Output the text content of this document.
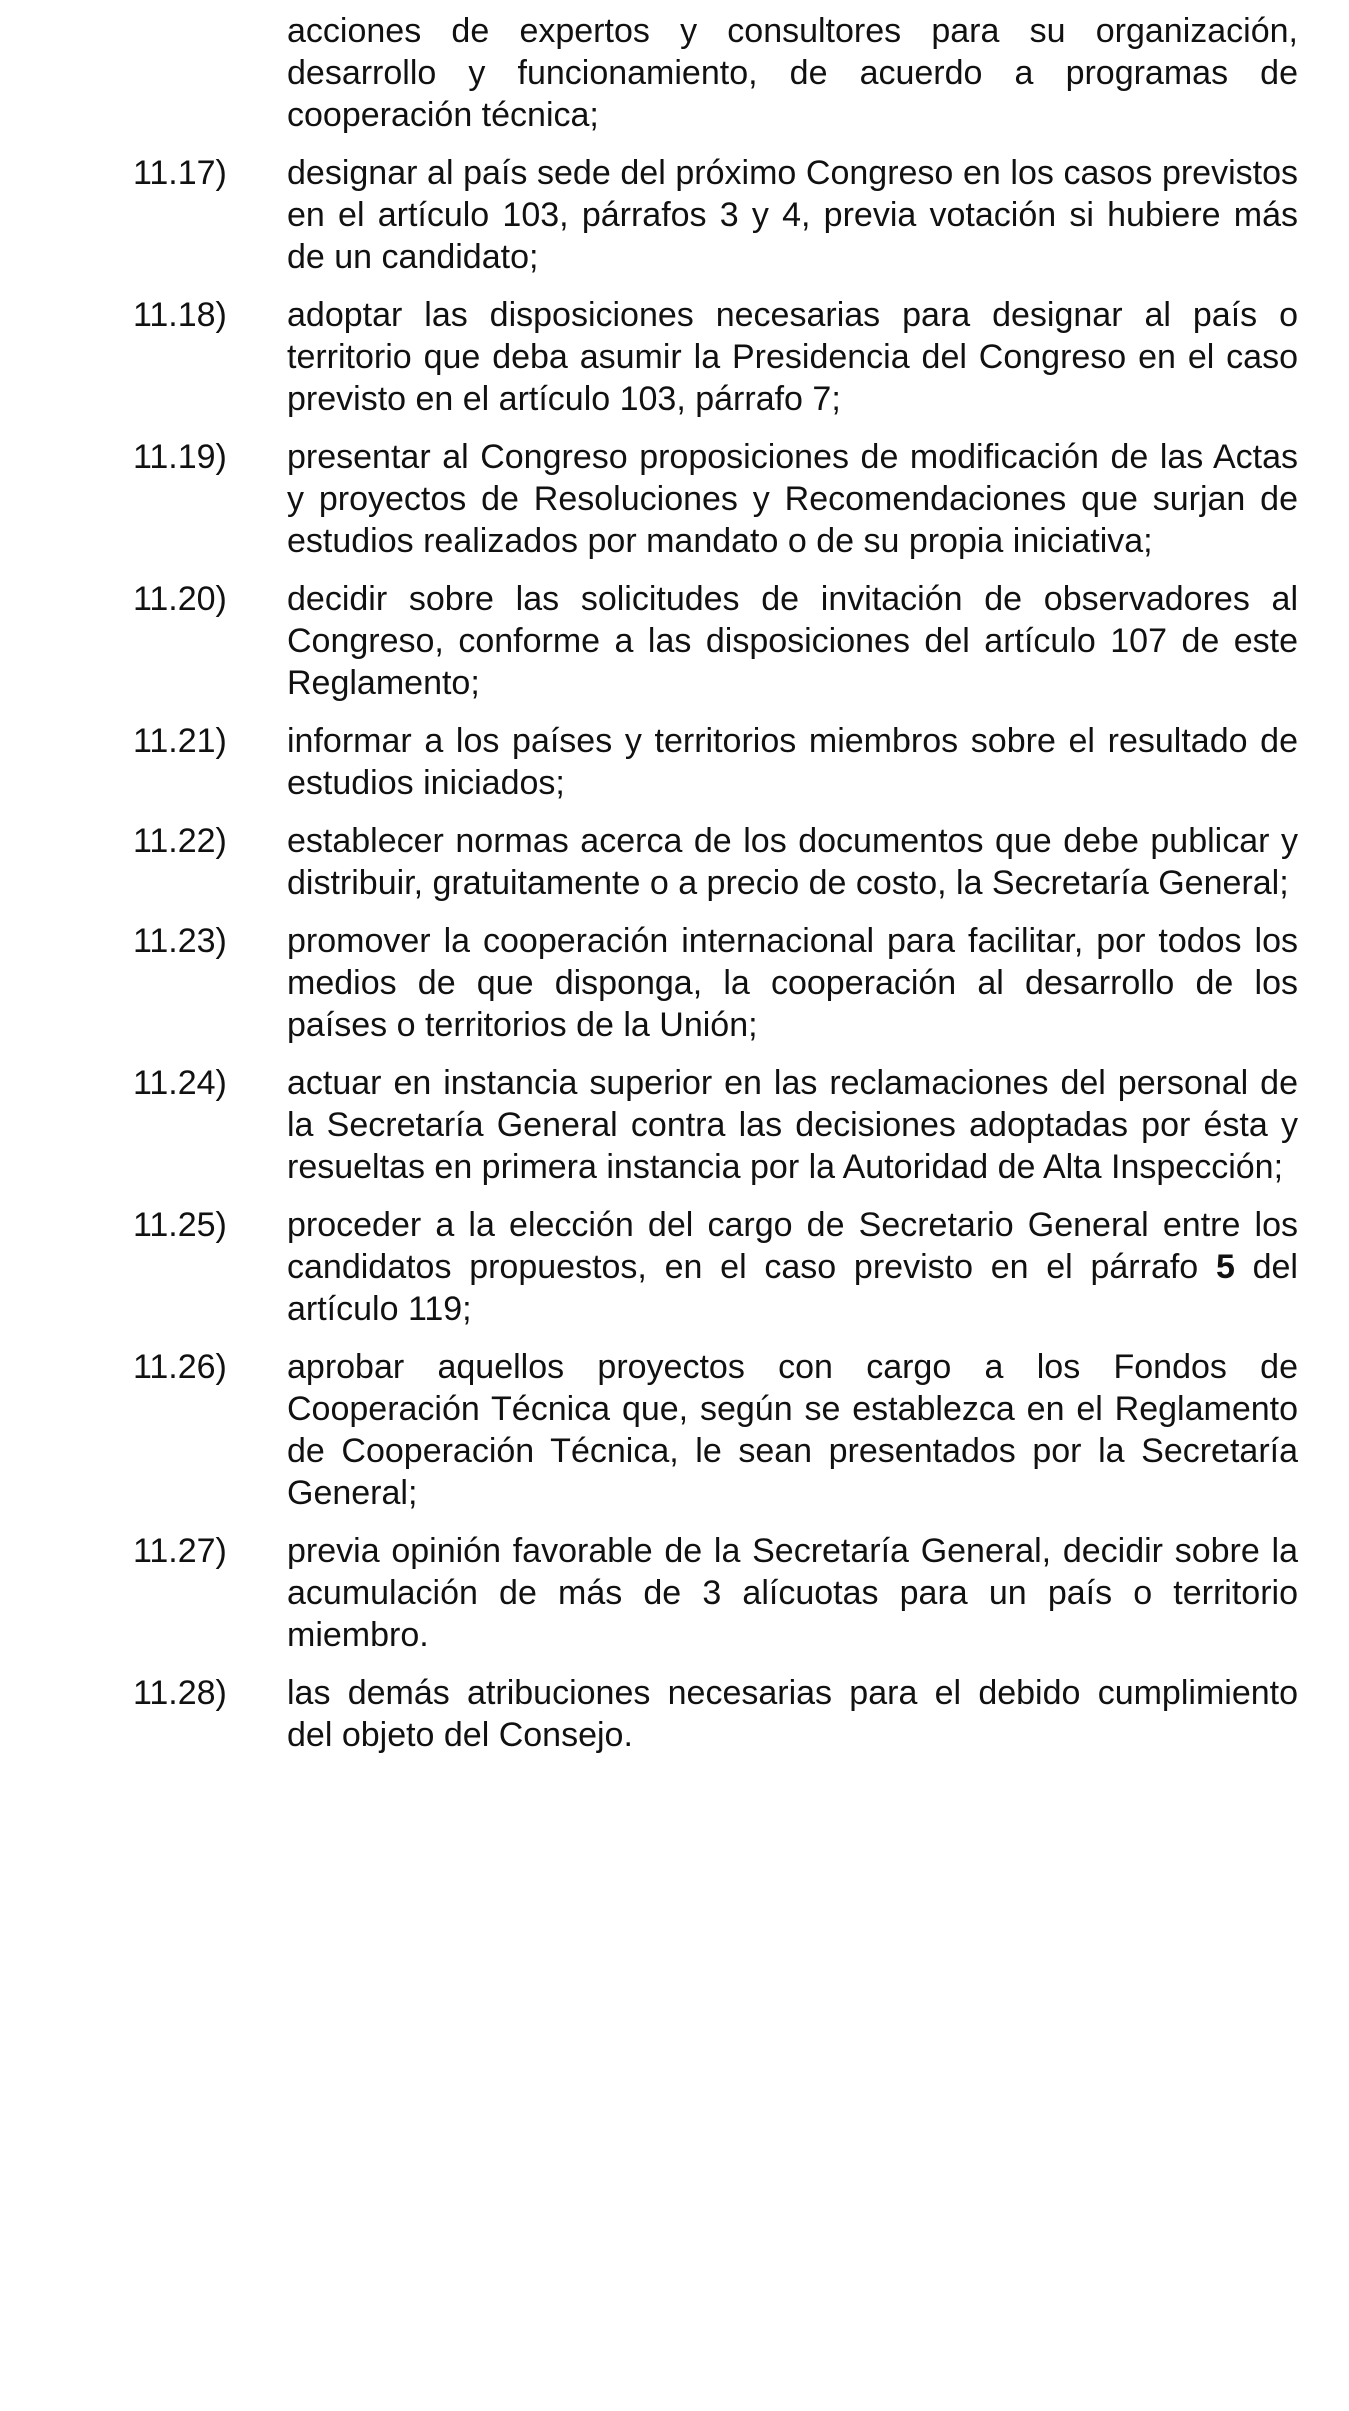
acciones de expertos y consultores para su organización, desarrollo y funcionamiento, de acuerdo a programas de cooperación técnica;
11.17)	designar al país sede del próximo Congreso en los casos previstos en el artículo 103, párrafos 3 y 4, previa votación si hubiere más de un candidato;
11.18)	adoptar las disposiciones necesarias para designar al país o territorio que deba asumir la Presidencia del Congreso en el caso previsto en el artículo 103, párrafo 7;
11.19)	presentar al Congreso proposiciones de modificación de las Actas y proyectos de Resoluciones y Recomendaciones que surjan de estudios realizados por mandato o de su propia iniciativa;
11.20)	decidir sobre las solicitudes de invitación de observadores al Congreso, conforme a las disposiciones del artículo 107 de este Reglamento;
11.21)	informar a los países y territorios miembros sobre el resultado de estudios iniciados;
11.22)	establecer normas acerca de los documentos que debe publicar y distribuir, gratuitamente o a precio de costo, la Secretaría General;
11.23)	promover la cooperación internacional para facilitar, por todos los medios de que disponga, la cooperación al desarrollo de los países o territorios de la Unión;
11.24)	actuar en instancia superior en las reclamaciones del personal de la Secretaría General contra las decisiones adoptadas por ésta y resueltas en primera instancia por la Autoridad de Alta Inspección;
11.25)	proceder a la elección del cargo de Secretario General entre los candidatos propuestos, en el caso previsto en el párrafo 5 del artículo 119;
11.26)	aprobar aquellos proyectos con cargo a los Fondos de Cooperación Técnica que, según se establezca en el Reglamento de Cooperación Técnica, le sean presentados por la Secretaría General;
11.27)	previa opinión favorable de la Secretaría General, decidir sobre la acumulación de más de 3 alícuotas para un país o territorio miembro.
11.28)	las demás atribuciones necesarias para el debido cumplimiento del objeto del Consejo.
